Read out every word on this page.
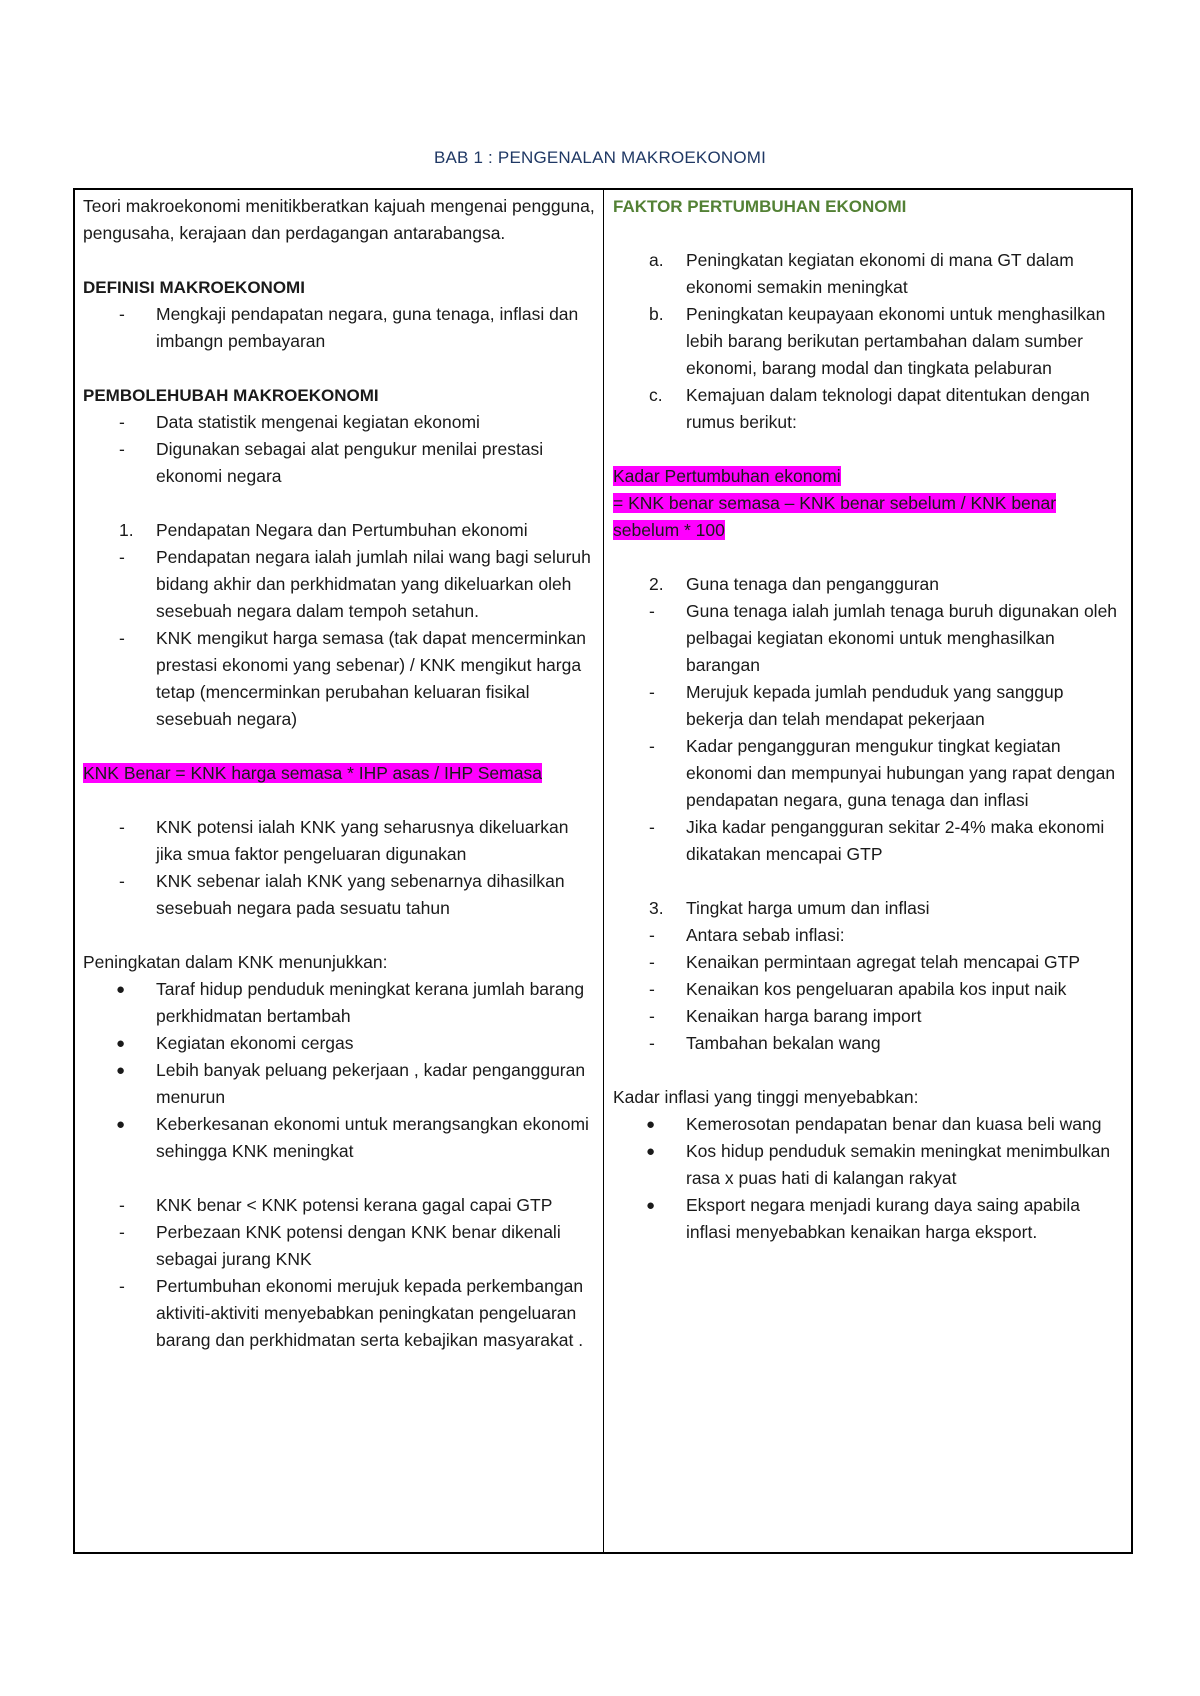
BAB 1 : PENGENALAN MAKROEKONOMI

Teori makroekonomi menitikberatkan kajuah mengenai pengguna, pengusaha, kerajaan dan perdagangan antarabangsa.

DEFINISI MAKROEKONOMI

-	Mengkaji pendapatan negara, guna tenaga, inflasi dan imbangn pembayaran

PEMBOLEHUBAH MAKROEKONOMI

-	Data statistik mengenai kegiatan ekonomi
-	Digunakan sebagai alat pengukur menilai prestasi ekonomi negara
1.	Pendapatan Negara dan Pertumbuhan ekonomi
-	Pendapatan negara ialah jumlah nilai wang bagi seluruh bidang akhir dan perkhidmatan yang dikeluarkan oleh sesebuah negara dalam tempoh setahun.
-	KNK mengikut harga semasa (tak dapat mencerminkan prestasi ekonomi yang sebenar) / KNK mengikut harga tetap (mencerminkan perubahan keluaran fisikal sesebuah negara)

KNK Benar = KNK harga semasa * IHP asas / IHP Semasa

-	KNK potensi ialah KNK yang seharusnya dikeluarkan jika smua faktor pengeluaran digunakan
-	KNK sebenar ialah KNK yang sebenarnya dihasilkan sesebuah negara pada sesuatu tahun

Peningkatan dalam KNK menunjukkan:

●	Taraf hidup penduduk meningkat kerana jumlah barang perkhidmatan bertambah
●	Kegiatan ekonomi cergas
●	Lebih banyak peluang pekerjaan , kadar pengangguran menurun
●	Keberkesanan ekonomi untuk merangsangkan ekonomi sehingga KNK meningkat
-	KNK benar < KNK potensi kerana gagal capai GTP
-	Perbezaan KNK potensi dengan KNK benar dikenali sebagai jurang KNK
-	Pertumbuhan ekonomi merujuk kepada perkembangan aktiviti-aktiviti menyebabkan peningkatan pengeluaran barang dan perkhidmatan serta kebajikan masyarakat .

FAKTOR PERTUMBUHAN EKONOMI

a.	Peningkatan kegiatan ekonomi di mana GT dalam ekonomi semakin meningkat
b.	Peningkatan keupayaan ekonomi untuk menghasilkan lebih barang berikutan pertambahan dalam sumber ekonomi, barang modal dan tingkata pelaburan
c.	Kemajuan dalam teknologi dapat ditentukan dengan rumus berikut:

Kadar Pertumbuhan ekonomi

= KNK benar semasa – KNK benar sebelum / KNK benar sebelum * 100

2.	Guna tenaga dan pengangguran
-	Guna tenaga ialah jumlah tenaga buruh digunakan oleh pelbagai kegiatan ekonomi untuk menghasilkan barangan
-	Merujuk kepada jumlah penduduk yang sanggup bekerja dan telah mendapat pekerjaan
-	Kadar pengangguran mengukur tingkat kegiatan ekonomi dan mempunyai hubungan yang rapat dengan pendapatan negara, guna tenaga dan inflasi
-	Jika kadar pengangguran sekitar 2-4% maka ekonomi dikatakan mencapai GTP
3.	Tingkat harga umum dan inflasi
-	Antara sebab inflasi:
-	Kenaikan permintaan agregat telah mencapai GTP
-	Kenaikan kos pengeluaran apabila kos input naik
-	Kenaikan harga barang import
-	Tambahan bekalan wang

Kadar inflasi yang tinggi menyebabkan:

●	Kemerosotan pendapatan benar dan kuasa beli wang
●	Kos hidup penduduk semakin meningkat menimbulkan rasa x puas hati di kalangan rakyat
●	Eksport negara menjadi kurang daya saing apabila inflasi menyebabkan kenaikan harga eksport.
